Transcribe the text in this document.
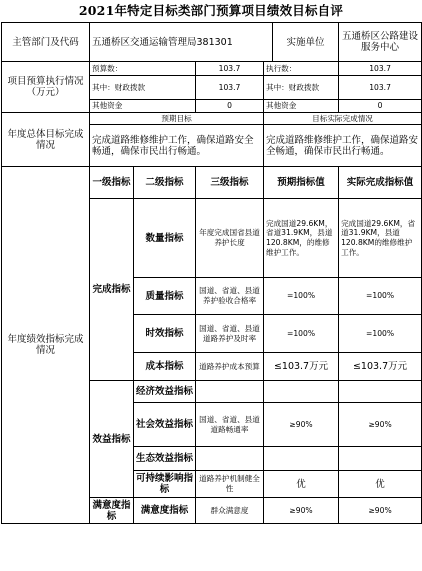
2021年特定目标类部门预算项目绩效目标自评
主管部门及代码	五通桥区交通运输管理局381301				实施单位	五通桥区公路建设服务中心
项目预算执行情况（万元）	预算数：		103.7	执行数：		103.7
	其中：财政拨款		103.7	其中：财政拨款		103.7
	其他资金		0	其他资金		0
年度总体目标完成情况	预期目标			目标实际完成情况		
	完成道路维修维护工作，确保道路安全畅通，确保市民出行畅通。			完成道路维修维护工作，确保道路安全畅通，确保市民出行畅通。		
年度绩效指标完成情况	一级指标	二级指标	三级指标	预期指标值		实际完成指标值
	完成指标	数量指标	年度完成国省县道养护长度	完成国道29.6KM，省道31.9KM，县道120.8KM，的维修维护工作。		完成国道29.6KM，省道31.9KM，县道120.8KM的维修维护工作。
		质量指标	国道、省道、县道养护验收合格率	=100%		=100%
		时效指标	国道、省道、县道道路养护及时率	=100%		=100%
		成本指标	道路养护成本预算	≤103.7万元		≤103.7万元
	效益指标	经济效益指标				
		社会效益指标	国道、省道、县道道路畅通率	≥90%		≥90%
		生态效益指标				
		可持续影响指标	道路养护机制健全性	优		优
	满意度指标	满意度指标	群众满意度	≥90%		≥90%
